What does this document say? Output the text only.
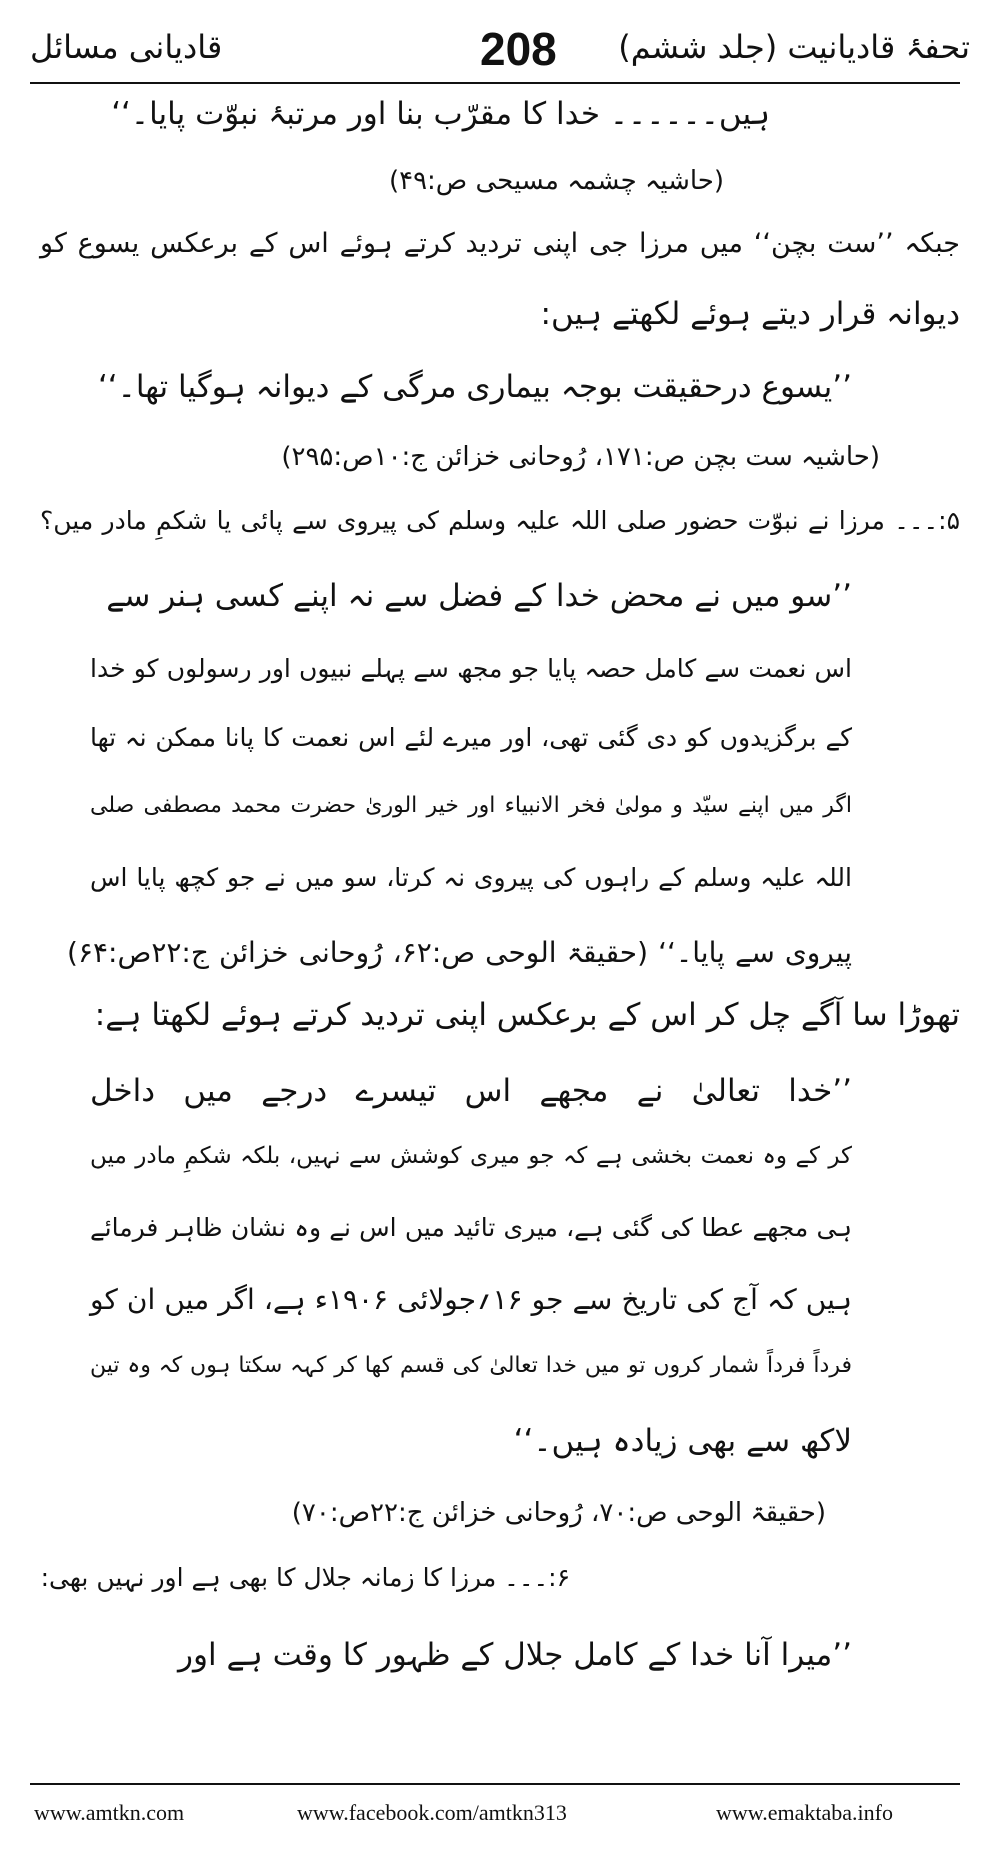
تحفۂ قادیانیت (جلد ششم)
208
قادیانی مسائل
ہیں۔۔۔۔۔۔ خدا کا مقرّب بنا اور مرتبۂ نبوّت پایا۔‘‘
(حاشیہ چشمہ مسیحی ص:۴۹)
جبکہ ’’ست بچن‘‘ میں مرزا جی اپنی تردید کرتے ہوئے اس کے برعکس یسوع کو
دیوانہ قرار دیتے ہوئے لکھتے ہیں:
’’یسوع درحقیقت بوجہ بیماری مرگی کے دیوانہ ہوگیا تھا۔‘‘
(حاشیہ ست بچن ص:۱۷۱، رُوحانی خزائن ج:۱۰ص:۲۹۵)
۵:۔۔۔ مرزا نے نبوّت حضور صلی اللہ علیہ وسلم کی پیروی سے پائی یا شکمِ مادر میں؟
’’سو میں نے محض خدا کے فضل سے نہ اپنے کسی ہنر سے
اس نعمت سے کامل حصہ پایا جو مجھ سے پہلے نبیوں اور رسولوں کو خدا
کے برگزیدوں کو دی گئی تھی، اور میرے لئے اس نعمت کا پانا ممکن نہ تھا
اگر میں اپنے سیّد و مولیٰ فخر الانبیاء اور خیر الوریٰ حضرت محمد مصطفی صلی
اللہ علیہ وسلم کے راہوں کی پیروی نہ کرتا، سو میں نے جو کچھ پایا اس
پیروی سے پایا۔‘‘ (حقیقۃ الوحی ص:۶۲، رُوحانی خزائن ج:۲۲ص:۶۴)
تھوڑا سا آگے چل کر اس کے برعکس اپنی تردید کرتے ہوئے لکھتا ہے:
’’خدا تعالیٰ نے مجھے اس تیسرے درجے میں داخل
کر کے وہ نعمت بخشی ہے کہ جو میری کوشش سے نہیں، بلکہ شکمِ مادر میں
ہی مجھے عطا کی گئی ہے، میری تائید میں اس نے وہ نشان ظاہر فرمائے
ہیں کہ آج کی تاریخ سے جو ۱۶؍جولائی ۱۹۰۶ء ہے، اگر میں ان کو
فرداً فرداً شمار کروں تو میں خدا تعالیٰ کی قسم کھا کر کہہ سکتا ہوں کہ وہ تین
لاکھ سے بھی زیادہ ہیں۔‘‘
(حقیقۃ الوحی ص:۷۰، رُوحانی خزائن ج:۲۲ص:۷۰)
۶:۔۔۔ مرزا کا زمانہ جلال کا بھی ہے اور نہیں بھی:
’’میرا آنا خدا کے کامل جلال کے ظہور کا وقت ہے اور
www.amtkn.com	www.facebook.com/amtkn313	www.emaktaba.info
